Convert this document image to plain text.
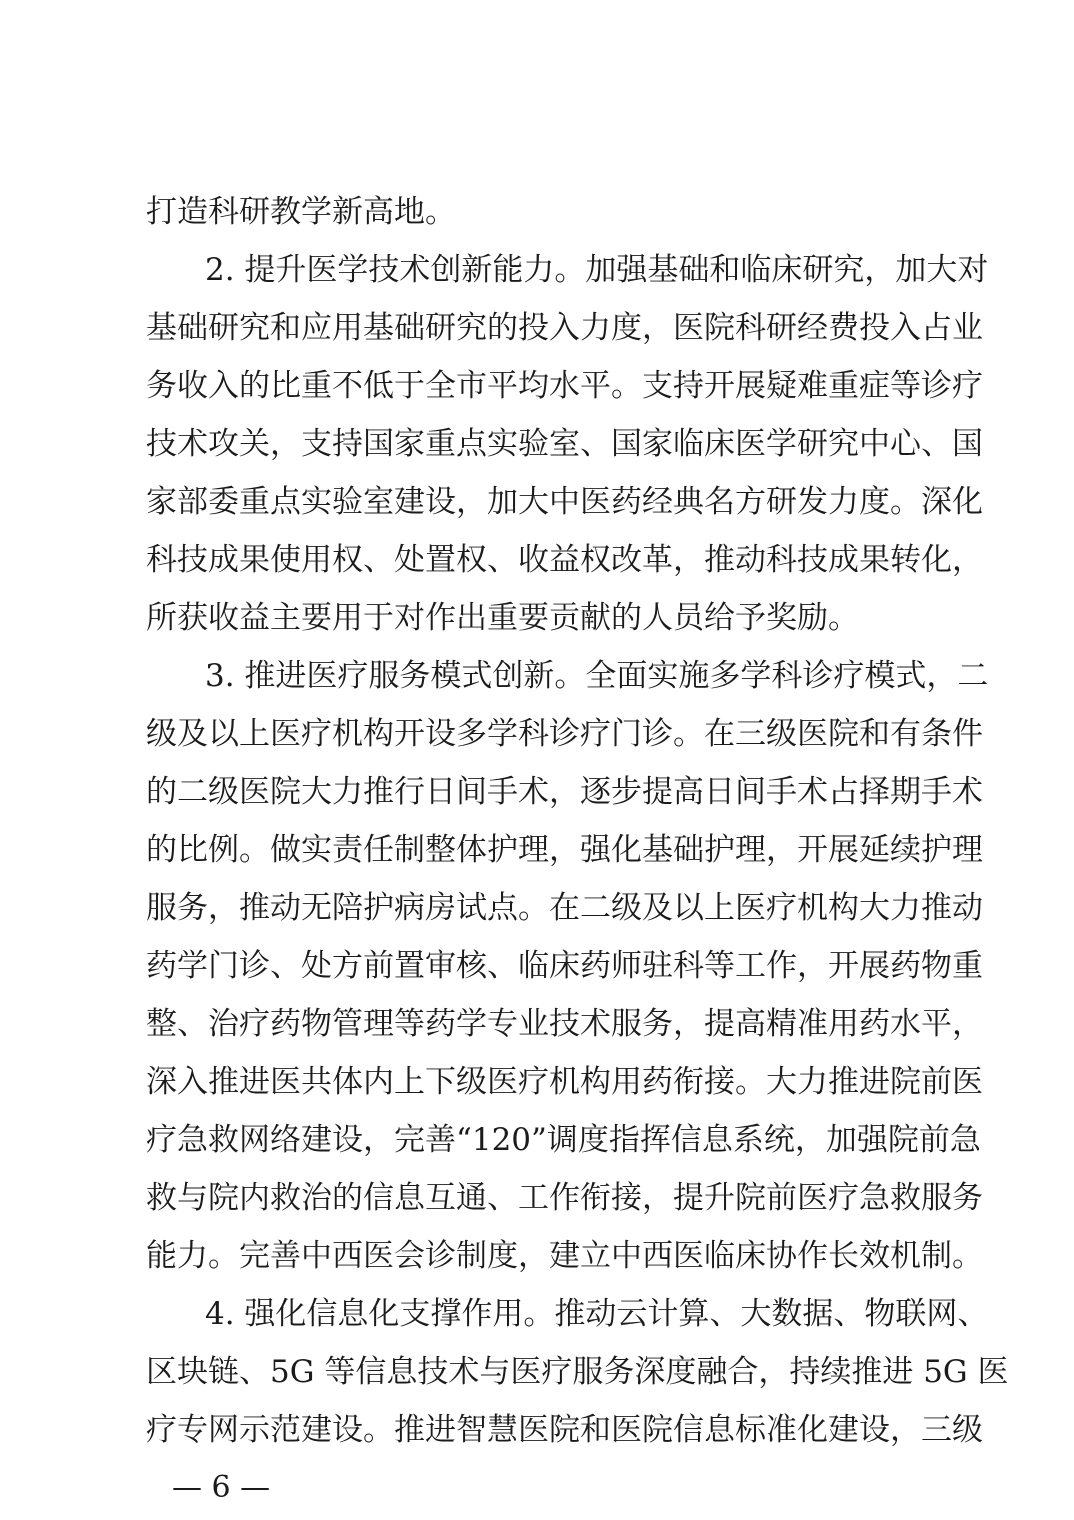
打造科研教学新高地。
2. 提升医学技术创新能力。加强基础和临床研究，加大对
基础研究和应用基础研究的投入力度，医院科研经费投入占业
务收入的比重不低于全市平均水平。支持开展疑难重症等诊疗
技术攻关，支持国家重点实验室、国家临床医学研究中心、国
家部委重点实验室建设，加大中医药经典名方研发力度。深化
科技成果使用权、处置权、收益权改革，推动科技成果转化，
所获收益主要用于对作出重要贡献的人员给予奖励。
3. 推进医疗服务模式创新。全面实施多学科诊疗模式，二
级及以上医疗机构开设多学科诊疗门诊。在三级医院和有条件
的二级医院大力推行日间手术，逐步提高日间手术占择期手术
的比例。做实责任制整体护理，强化基础护理，开展延续护理
服务，推动无陪护病房试点。在二级及以上医疗机构大力推动
药学门诊、处方前置审核、临床药师驻科等工作，开展药物重
整、治疗药物管理等药学专业技术服务，提高精准用药水平，
深入推进医共体内上下级医疗机构用药衔接。大力推进院前医
疗急救网络建设，完善“120”调度指挥信息系统，加强院前急
救与院内救治的信息互通、工作衔接，提升院前医疗急救服务
能力。完善中西医会诊制度，建立中西医临床协作长效机制。
4. 强化信息化支撑作用。推动云计算、大数据、物联网、
区块链、5G 等信息技术与医疗服务深度融合，持续推进 5G 医
疗专网示范建设。推进智慧医院和医院信息标准化建设，三级
— 6 —
